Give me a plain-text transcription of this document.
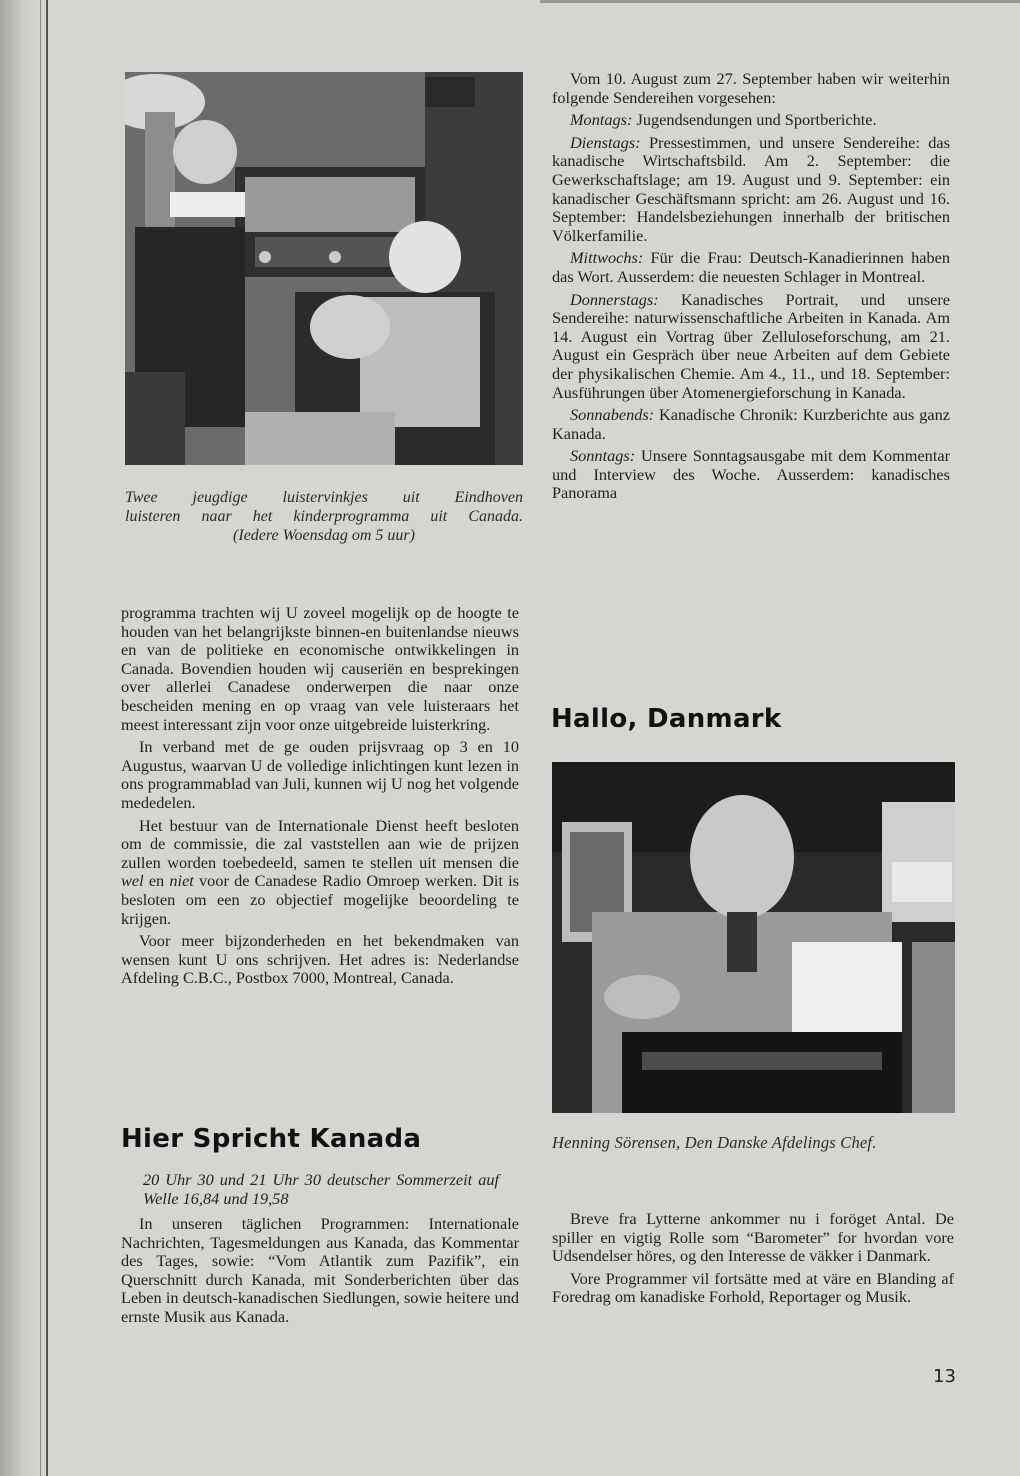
Twee jeugdige luistervinkjes uit Eindhoven
luisteren naar het kinderprogramma uit Canada.
(Iedere Woensdag om 5 uur)

programma trachten wij U zoveel mogelijk op de hoogte te houden van het belangrijkste binnen-en buitenlandse nieuws en van de politieke en economische ontwikkelingen in Canada. Bovendien houden wij causeriën en besprekingen over allerlei Canadese onderwerpen die naar onze bescheiden mening en op vraag van vele luisteraars het meest interessant zijn voor onze uitgebreide luisterkring.

In verband met de ge ouden prijsvraag op 3 en 10 Augustus, waarvan U de volledige inlichtingen kunt lezen in ons programmablad van Juli, kunnen wij U nog het volgende mededelen.

Het bestuur van de Internationale Dienst heeft besloten om de commissie, die zal vaststellen aan wie de prijzen zullen worden toebedeeld, samen te stellen uit mensen die wel en niet voor de Canadese Radio Omroep werken. Dit is besloten om een zo objectief mogelijke beoordeling te krijgen.

Voor meer bijzonderheden en het bekendmaken van wensen kunt U ons schrijven. Het adres is: Nederlandse Afdeling C.B.C., Postbox 7000, Montreal, Canada.

Hier Spricht Kanada
20 Uhr 30 und 21 Uhr 30 deutscher Sommerzeit auf Welle 16,84 und 19,58

In unseren täglichen Programmen: Internationale Nachrichten, Tagesmeldungen aus Kanada, das Kommentar des Tages, sowie: “Vom Atlantik zum Pazifik”, ein Querschnitt durch Kanada, mit Sonderberichten über das Leben in deutsch-kanadischen Siedlungen, sowie heitere und ernste Musik aus Kanada.

Vom 10. August zum 27. September haben wir weiterhin folgende Sendereihen vorgesehen:

Montags: Jugendsendungen und Sportberichte.

Dienstags: Pressestimmen, und unsere Sendereihe: das kanadische Wirtschaftsbild. Am 2. September: die Gewerkschaftslage; am 19. August und 9. September: ein kanadischer Geschäftsmann spricht: am 26. August und 16. September: Handelsbeziehungen innerhalb der britischen Völkerfamilie.

Mittwochs: Für die Frau: Deutsch-Kanadierinnen haben das Wort. Ausserdem: die neuesten Schlager in Montreal.

Donnerstags: Kanadisches Portrait, und unsere Sendereihe: naturwissenschaftliche Arbeiten in Kanada. Am 14. August ein Vortrag über Zelluloseforschung, am 21. August ein Gespräch über neue Arbeiten auf dem Gebiete der physikalischen Chemie. Am 4., 11., und 18. September: Ausführungen über Atomenergieforschung in Kanada.

Sonnabends: Kanadische Chronik: Kurzberichte aus ganz Kanada.

Sonntags: Unsere Sonntagsausgabe mit dem Kommentar und Interview des Woche. Ausserdem: kanadisches Panorama

Hallo, Danmark
Henning Sörensen, Den Danske Afdelings Chef.

Breve fra Lytterne ankommer nu i foröget Antal. De spiller en vigtig Rolle som “Barometer” for hvordan vore Udsendelser höres, og den Interesse de väkker i Danmark.

Vore Programmer vil fortsätte med at väre en Blanding af Foredrag om kanadiske Forhold, Reportager og Musik.

13
